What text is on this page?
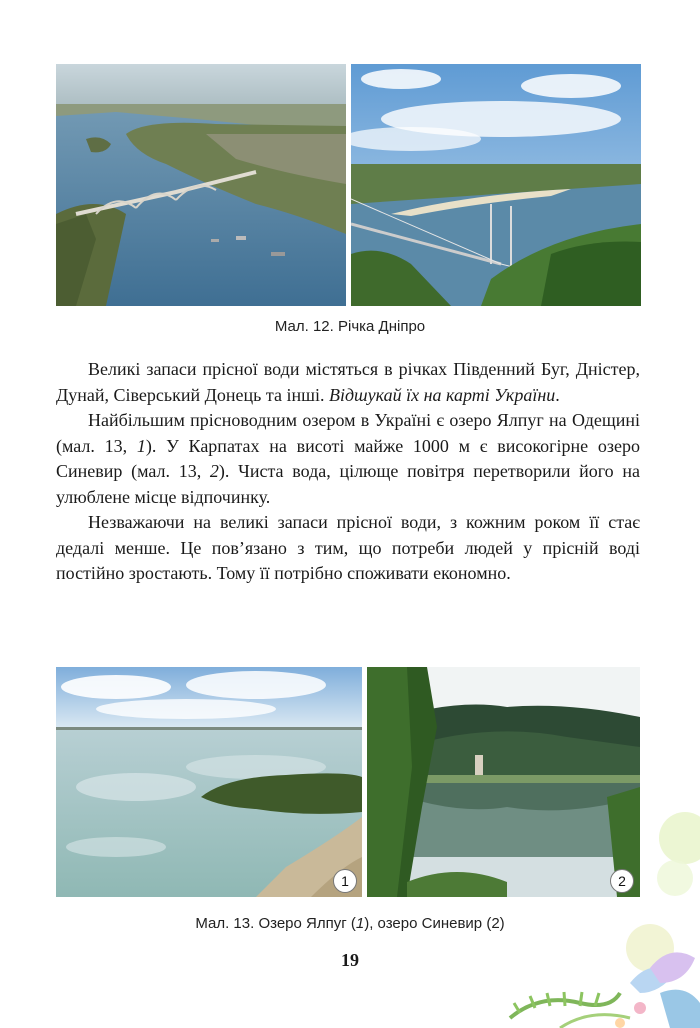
Мал. 12. Річка Дніпро

Великі запаси прісної води містяться в річках Південний Буг, Дністер, Дунай, Сіверський Донець та інші. Відшукай їх на карті України.

Найбільшим прісноводним озером в Україні є озеро Ялпуг на Одещині (мал. 13, 1). У Карпатах на висоті майже 1000 м є високогірне озеро Синевир (мал. 13, 2). Чиста вода, цілюще повітря перетворили його на улюблене місце відпочинку.

Незважаючи на великі запаси прісної води, з кожним роком її стає дедалі менше. Це пов’язано з тим, що потреби людей у прісній воді постійно зростають. Тому її потрібно споживати економно.

1	2
Мал. 13. Озеро Ялпуг (1), озеро Синевир (2)
19
